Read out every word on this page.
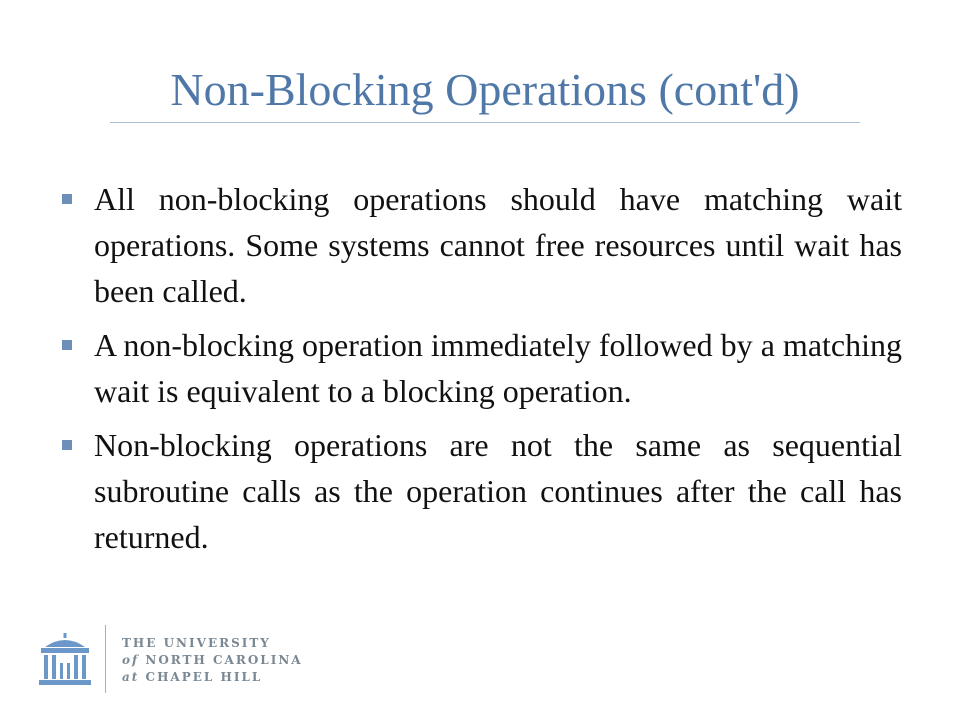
Non-Blocking Operations (cont'd)
All non-blocking operations should have matching wait operations. Some systems cannot free resources until wait has been called.
A non-blocking operation immediately followed by a matching wait is equivalent to a blocking operation.
Non-blocking operations are not the same as sequential subroutine calls as the operation continues after the call has returned.
THE UNIVERSITY
of NORTH CAROLINA
at CHAPEL HILL
